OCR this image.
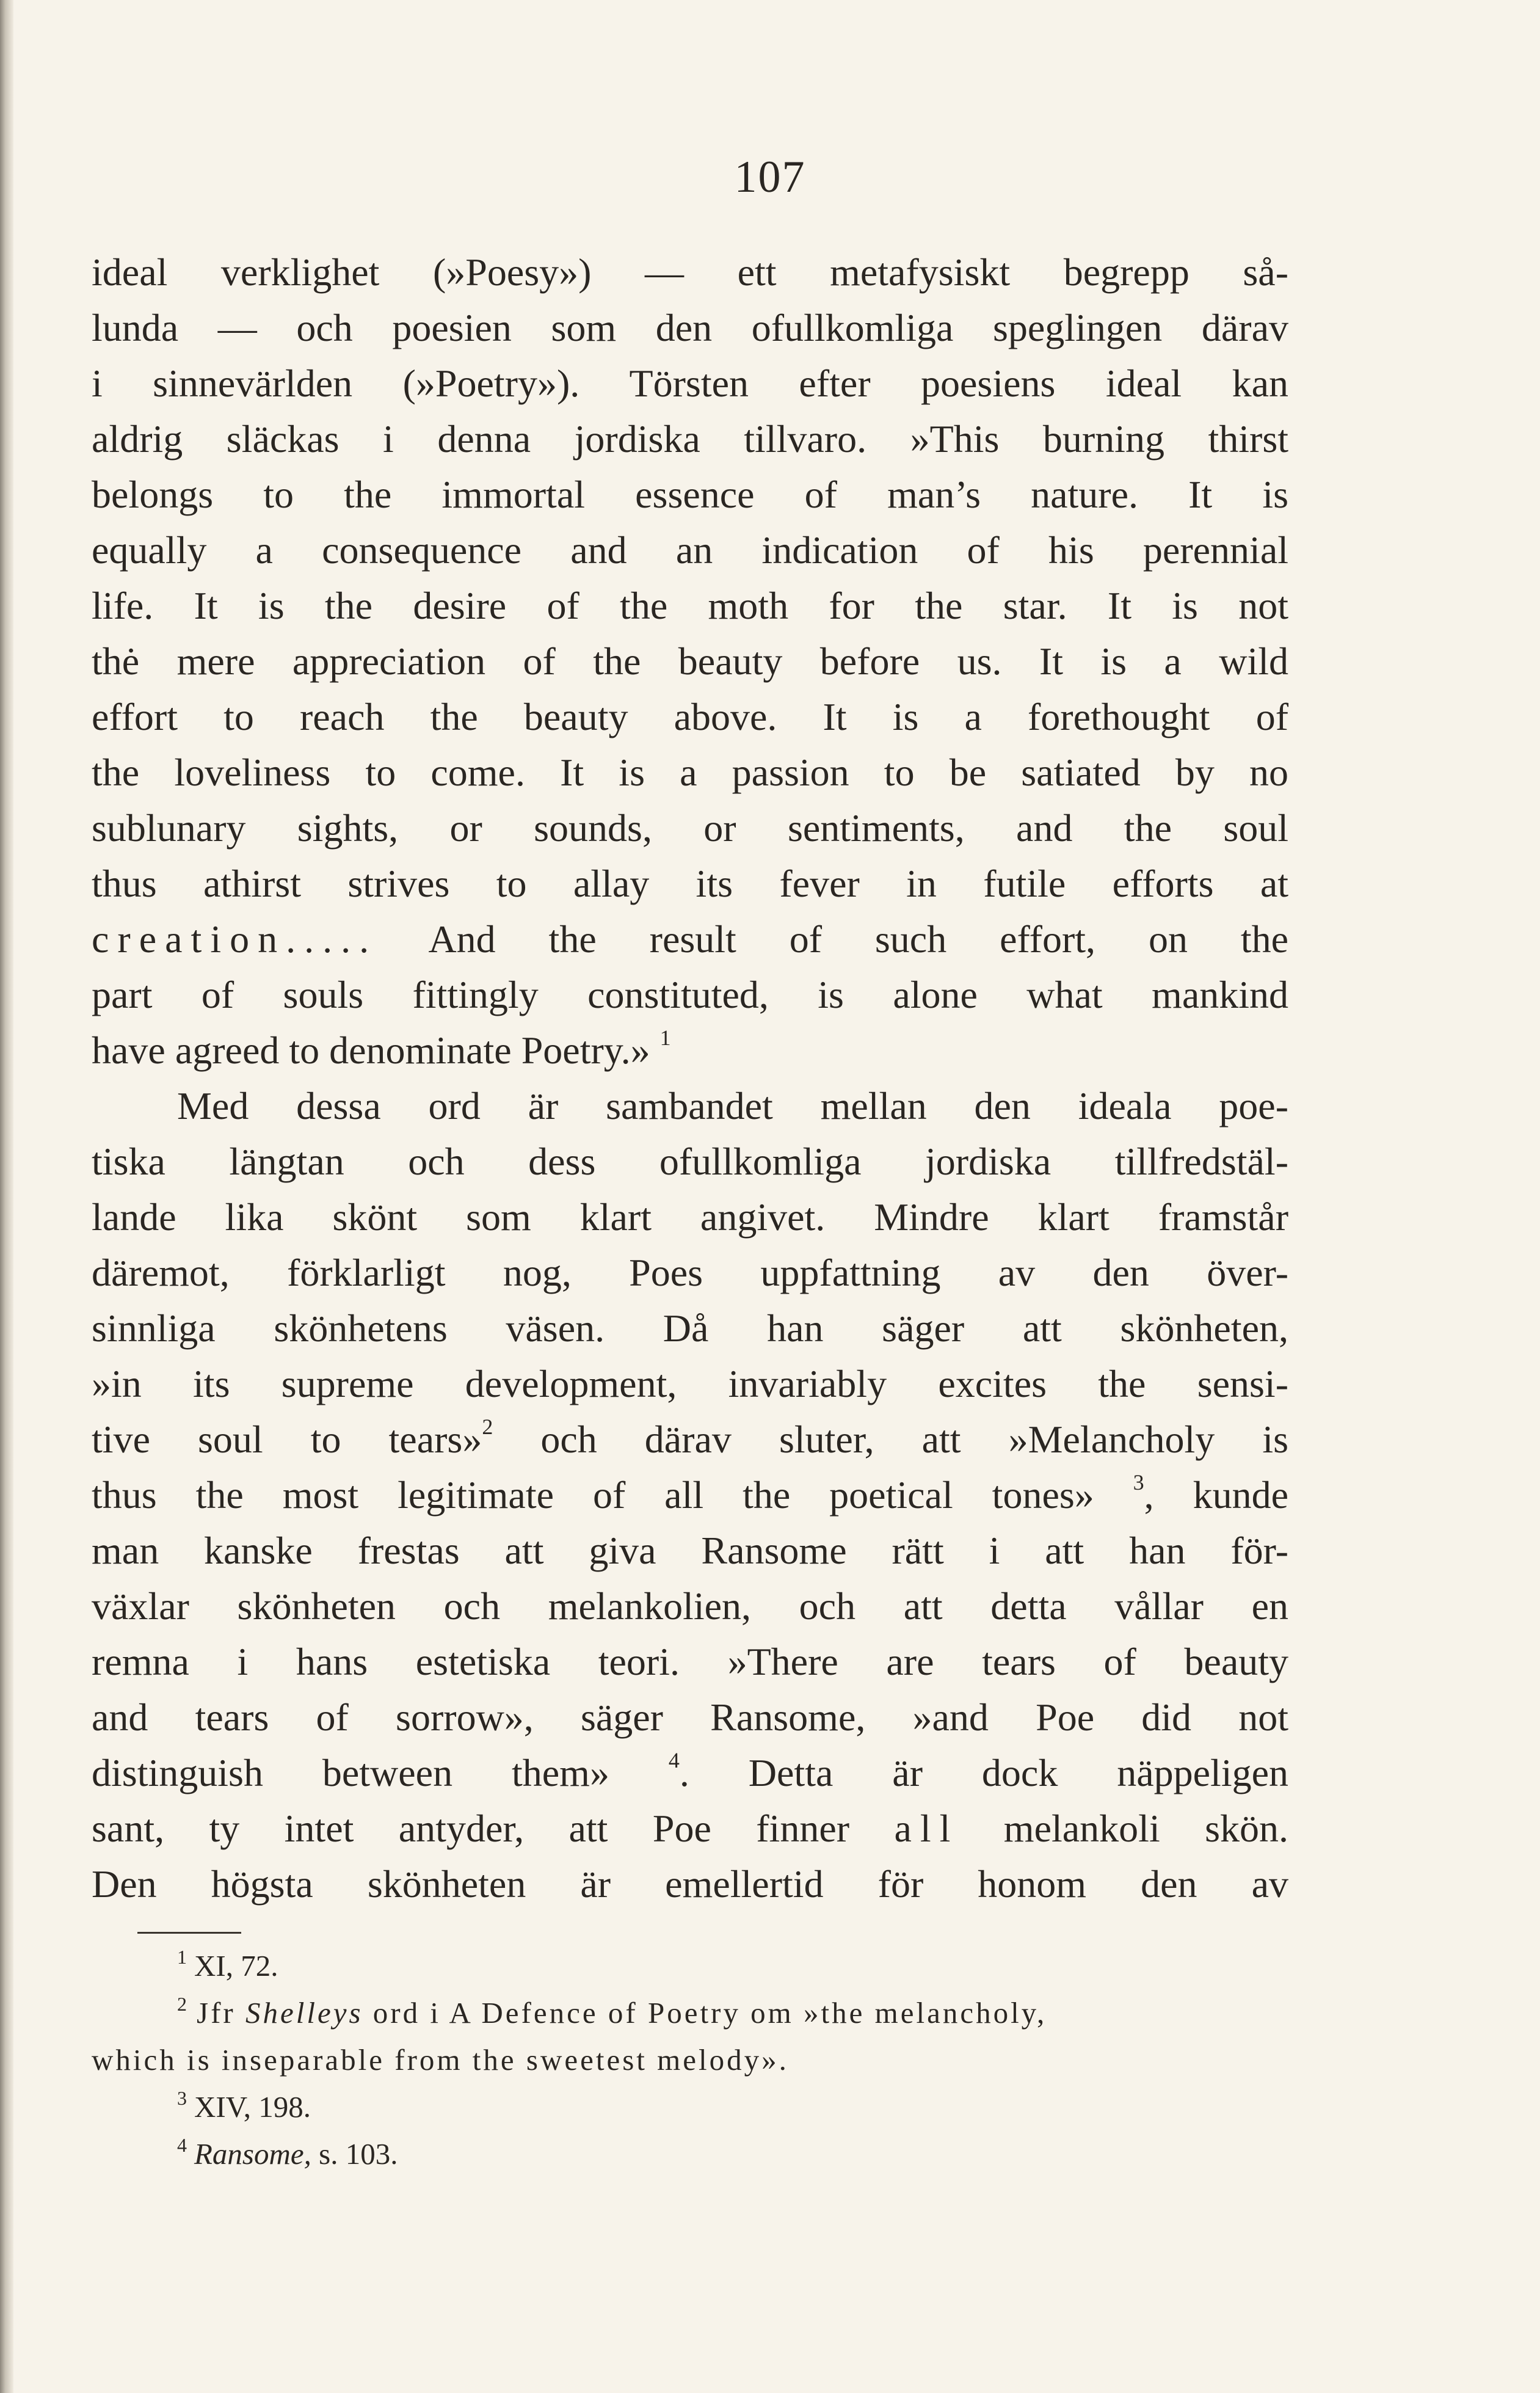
107
ideal verklighet (»Poesy») — ett metafysiskt begrepp så-
lunda — och poesien som den ofullkomliga speglingen därav
i sinnevärlden (»Poetry»). Törsten efter poesiens ideal kan
aldrig släckas i denna jordiska tillvaro. »This burning thirst
belongs to the immortal essence of man’s nature. It is
equally a consequence and an indication of his perennial
life. It is the desire of the moth for the star. It is not
thė mere appreciation of the beauty before us. It is a wild
effort to reach the beauty above. It is a forethought of
the loveliness to come. It is a passion to be satiated by no
sublunary sights, or sounds, or sentiments, and the soul
thus athirst strives to allay its fever in futile efforts at
creation..... And the result of such effort, on the
part of souls fittingly constituted, is alone what mankind
have agreed to denominate Poetry.» $^1$
Med dessa ord är sambandet mellan den ideala poe-
tiska längtan och dess ofullkomliga jordiska tillfredstäl-
lande lika skönt som klart angivet. Mindre klart framstår
däremot, förklarligt nog, Poes uppfattning av den över-
sinnliga skönhetens väsen. Då han säger att skönheten,
»in its supreme development, invariably excites the sensi-
tive soul to tears»$^2$ och därav sluter, att »Melancholy is
thus the most legitimate of all the poetical tones» $^3$, kunde
man kanske frestas att giva Ransome rätt i att han för-
växlar skönheten och melankolien, och att detta vållar en
remna i hans estetiska teori. »There are tears of beauty
and tears of sorrow», säger Ransome, »and Poe did not
distinguish between them»	$^4$. Detta är dock näppeligen
sant, ty intet antyder, att Poe finner all melankoli skön.
Den högsta skönheten är emellertid för honom den av
$^1$ XI, 72.
$^2$ Jfr Shelleys ord i A Defence of Poetry om »the melancholy,
which is inseparable from the sweetest melody».
$^3$ XIV, 198.
$^4$ Ransome, s. 103.
